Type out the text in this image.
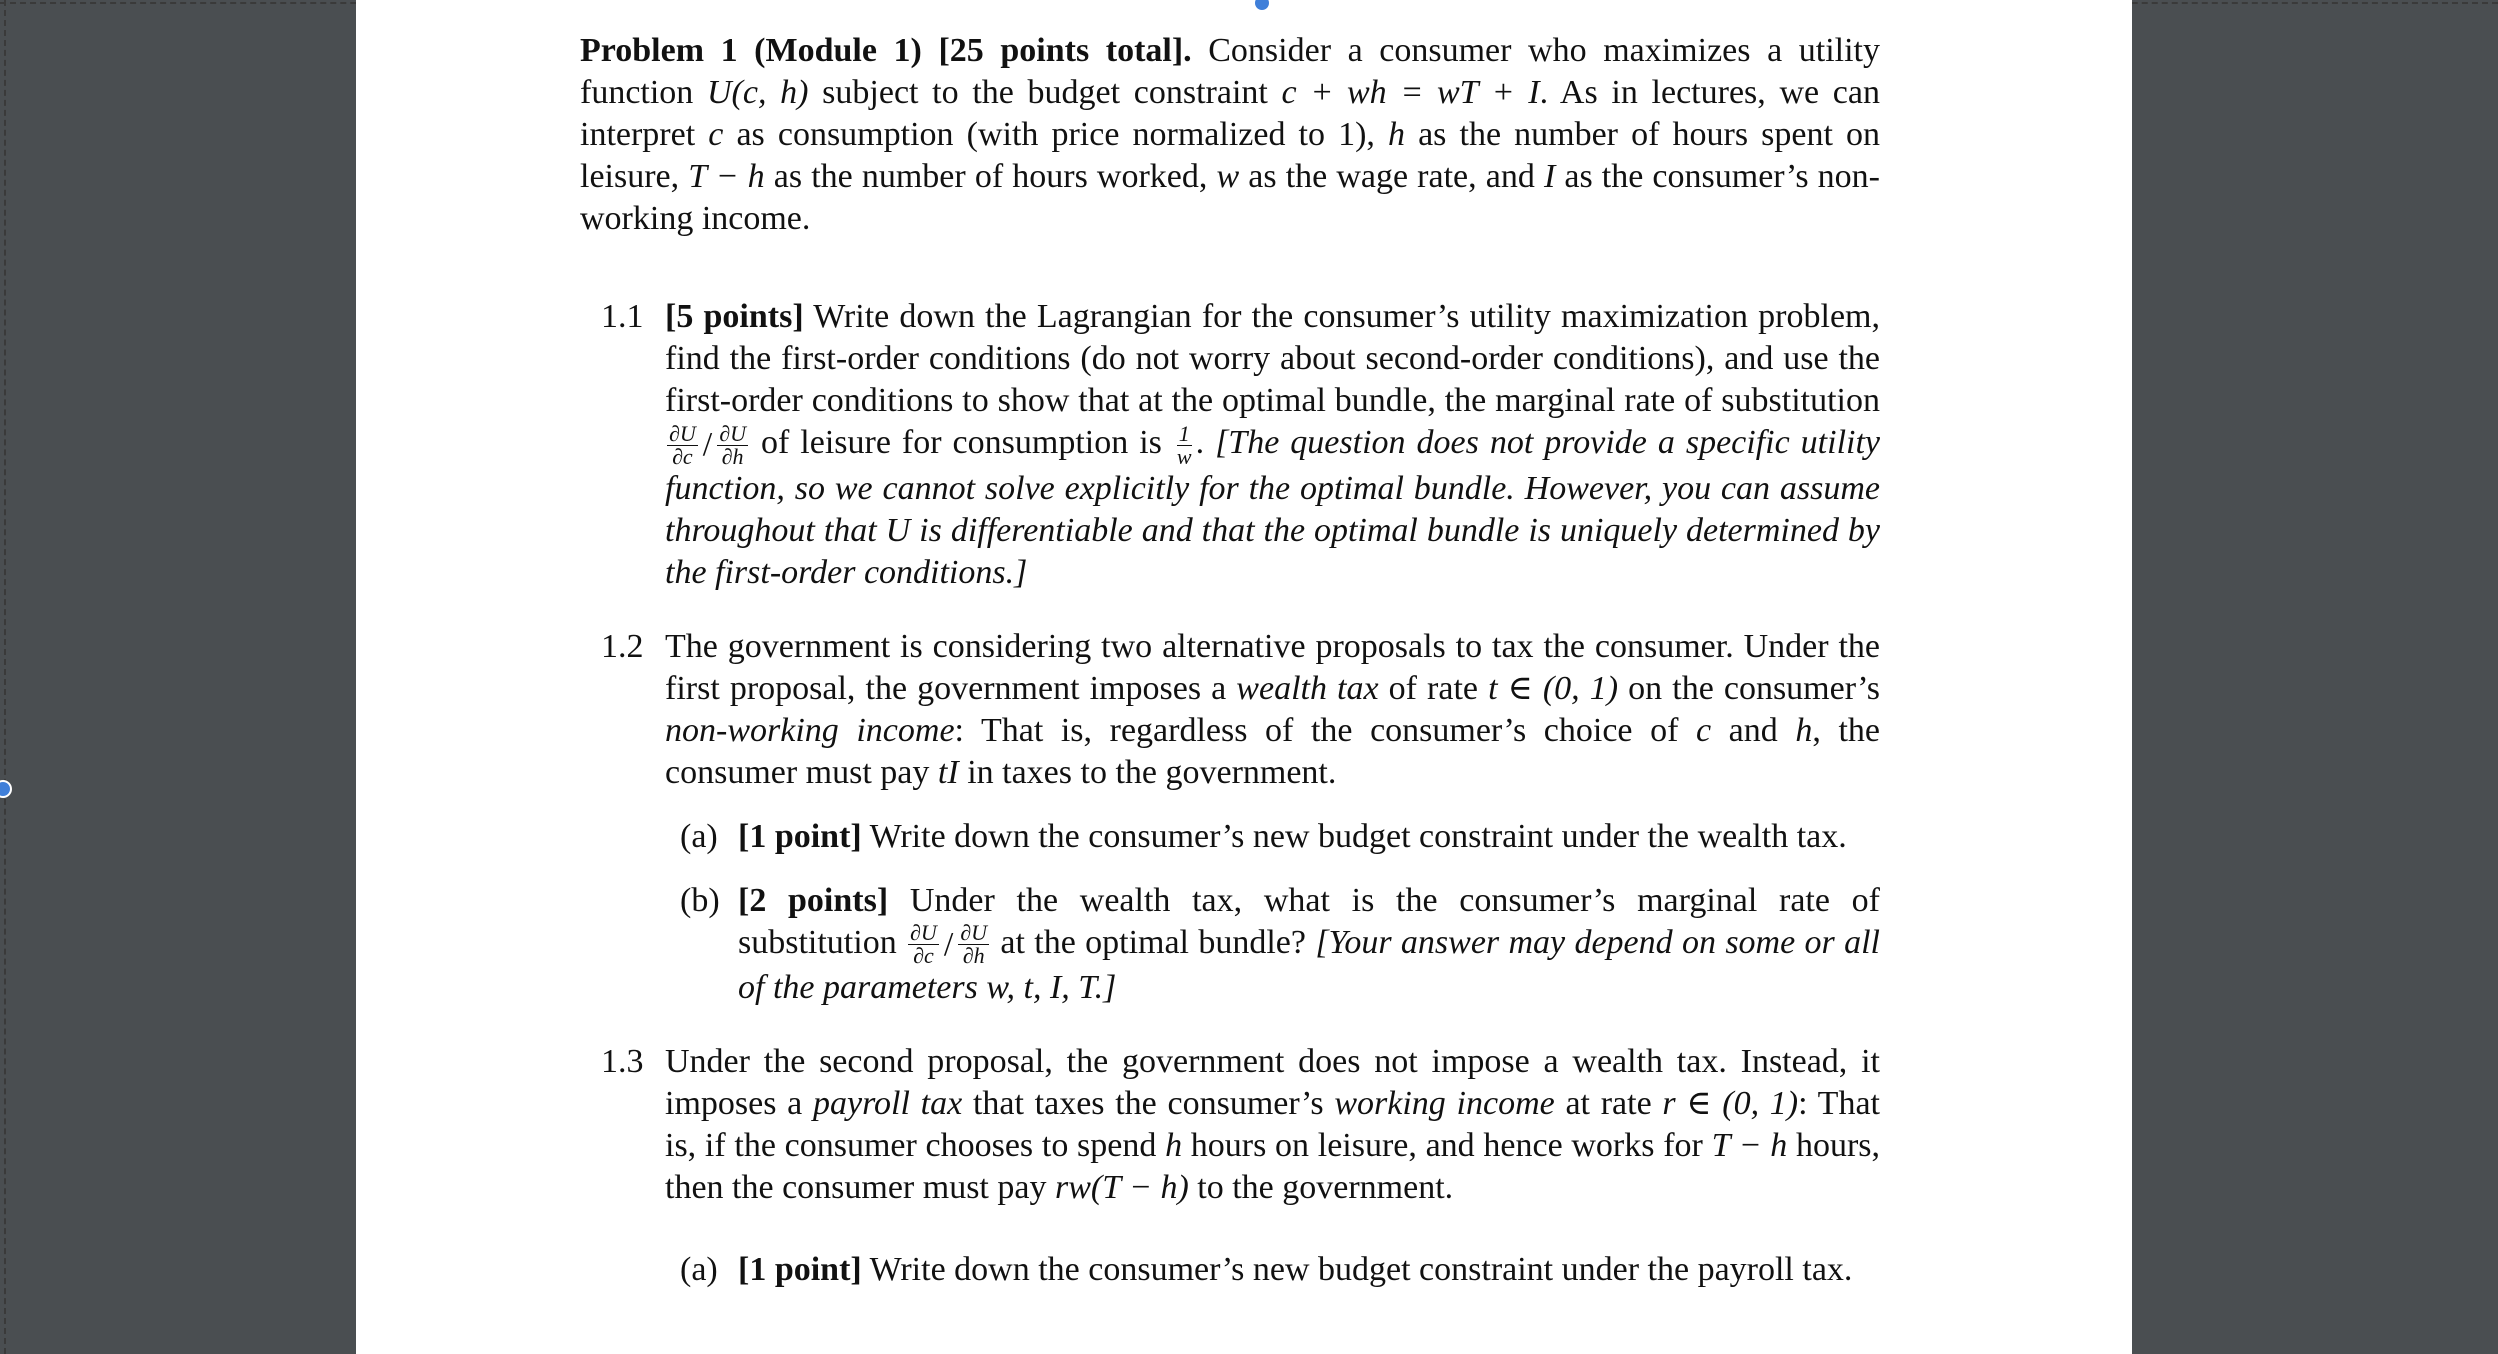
Problem 1 (Module 1) [25 points total]. Consider a consumer who maximizes a utility function U(c, h) subject to the budget constraint c + wh = wT + I. As in lectures, we can interpret c as consumption (with price normalized to 1), h as the number of hours spent on leisure, T − h as the number of hours worked, w as the wage rate, and I as the consumer’s non-working income.

1.1 [5 points] Write down the Lagrangian for the consumer’s utility maximization problem, find the first-order conditions (do not worry about second-order conditions), and use the first-order conditions to show that at the optimal bundle, the marginal rate of substitution
$\frac{\partial U}{\partial c} / \frac{\partial U}{\partial h}$ of leisure for consumption is $\frac{1}{w}$ . [The question does not provide a specific utility function, so we cannot solve explicitly for the optimal bundle. However, you can assume throughout that U is differentiable and that the optimal bundle is uniquely determined by the first-order conditions.]

1.2 The government is considering two alternative proposals to tax the consumer. Under the first proposal, the government imposes a wealth tax of rate t ∈ (0, 1) on the consumer’s non-working income: That is, regardless of the consumer’s choice of c and h, the consumer must pay tI in taxes to the government.

(a) [1 point] Write down the consumer’s new budget constraint under the wealth tax.

(b) [2 points] Under the wealth tax, what is the consumer’s marginal rate of substitution $\frac{\partial U}{\partial c} / \frac{\partial U}{\partial h}$ at the optimal bundle? [Your answer may depend on some or all of the parameters w, t, I, T.]

1.3 Under the second proposal, the government does not impose a wealth tax. Instead, it imposes a payroll tax that taxes the consumer’s working income at rate r ∈ (0, 1): That is, if the consumer chooses to spend h hours on leisure, and hence works for T − h hours, then the consumer must pay rw(T − h) to the government.

(a) [1 point] Write down the consumer’s new budget constraint under the payroll tax.
